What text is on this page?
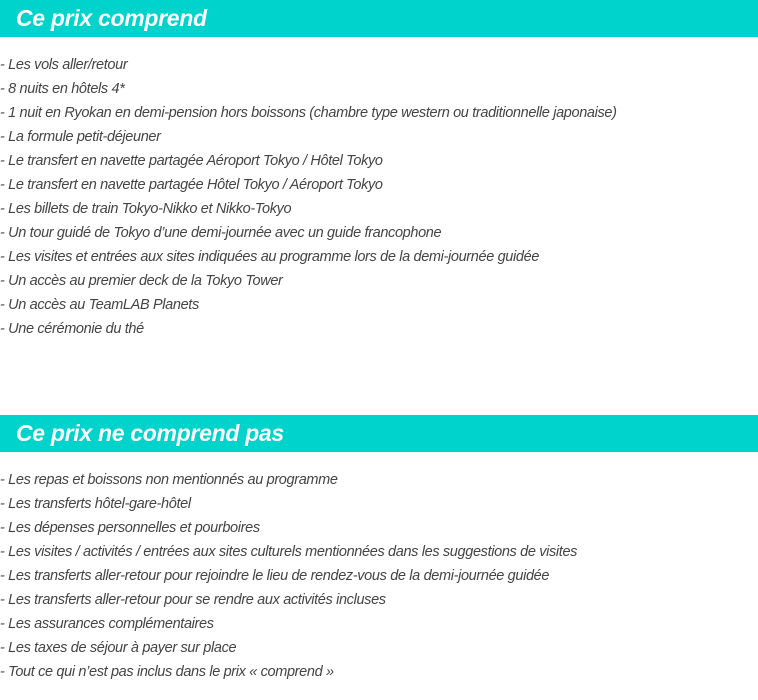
Ce prix comprend
- Les vols aller/retour
- 8 nuits en hôtels 4*
- 1 nuit en Ryokan en demi-pension hors boissons (chambre type western ou traditionnelle japonaise)
- La formule petit-déjeuner
- Le transfert en navette partagée Aéroport Tokyo / Hôtel Tokyo
- Le transfert en navette partagée Hôtel Tokyo / Aéroport Tokyo
- Les billets de train Tokyo-Nikko et Nikko-Tokyo
- Un tour guidé de Tokyo d’une demi-journée avec un guide francophone
- Les visites et entrées aux sites indiquées au programme lors de la demi-journée guidée
- Un accès au premier deck de la Tokyo Tower
- Un accès au TeamLAB Planets
- Une cérémonie du thé
Ce prix ne comprend pas
- Les repas et boissons non mentionnés au programme
- Les transferts hôtel-gare-hôtel
- Les dépenses personnelles et pourboires
- Les visites / activités / entrées aux sites culturels mentionnées dans les suggestions de visites
- Les transferts aller-retour pour rejoindre le lieu de rendez-vous de la demi-journée guidée
- Les transferts aller-retour pour se rendre aux activités incluses
- Les assurances complémentaires
- Les taxes de séjour à payer sur place
- Tout ce qui n’est pas inclus dans le prix « comprend »
